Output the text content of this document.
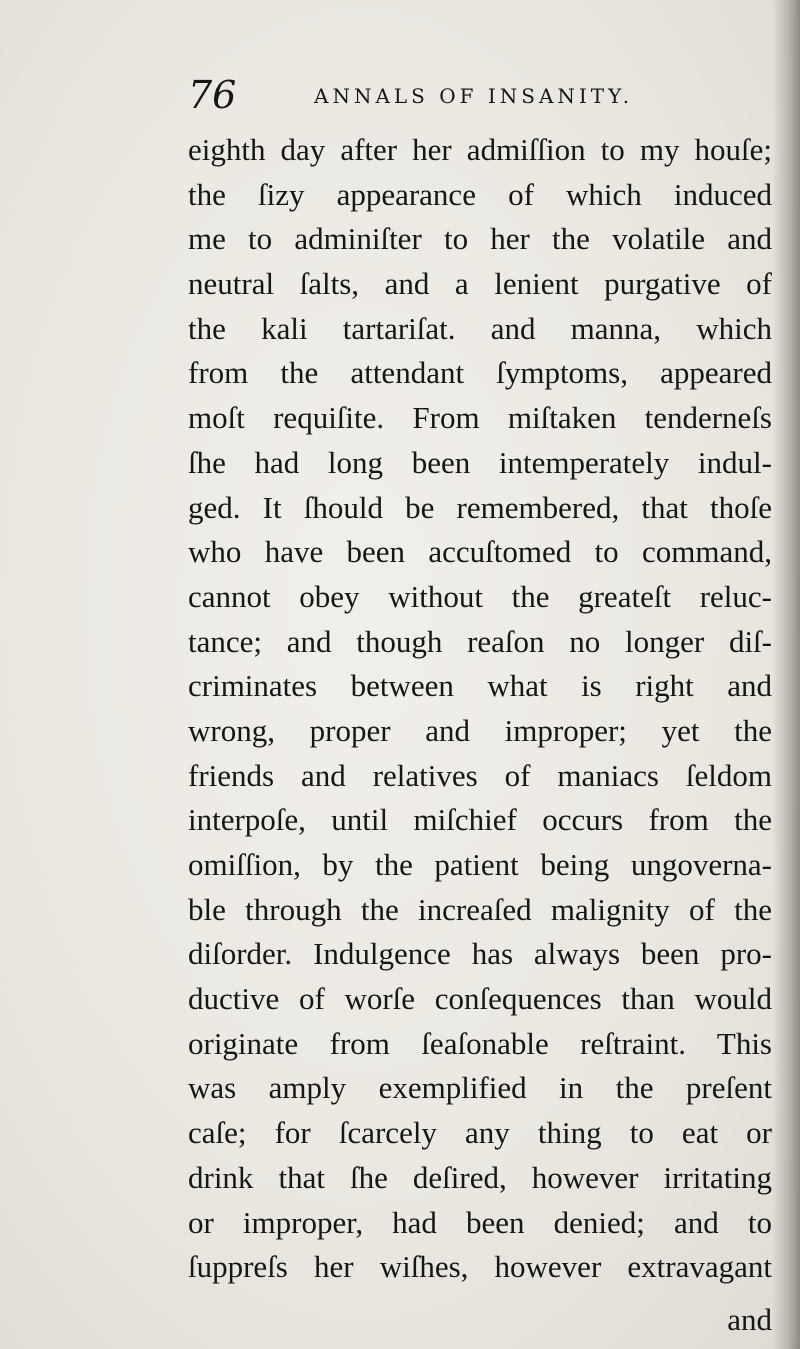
76	ANNALS OF INSANITY.
eighth day after her admiſſion to my houſe;
the ſizy appearance of which induced
me to adminiſter to her the volatile and
neutral ſalts, and a lenient purgative of
the kali tartariſat. and manna, which
from the attendant ſymptoms, appeared
moſt requiſite. From miſtaken tenderneſs
ſhe had long been intemperately indul-
ged. It ſhould be remembered, that thoſe
who have been accuſtomed to command,
cannot obey without the greateſt reluc-
tance; and though reaſon no longer diſ-
criminates between what is right and
wrong, proper and improper; yet the
friends and relatives of maniacs ſeldom
interpoſe, until miſchief occurs from the
omiſſion, by the patient being ungoverna-
ble through the increaſed malignity of the
diſorder. Indulgence has always been pro-
ductive of worſe conſequences than would
originate from ſeaſonable reſtraint. This
was amply exemplified in the preſent
caſe; for ſcarcely any thing to eat or
drink that ſhe deſired, however irritating
or improper, had been denied; and to
ſuppreſs her wiſhes, however extravagant
and
